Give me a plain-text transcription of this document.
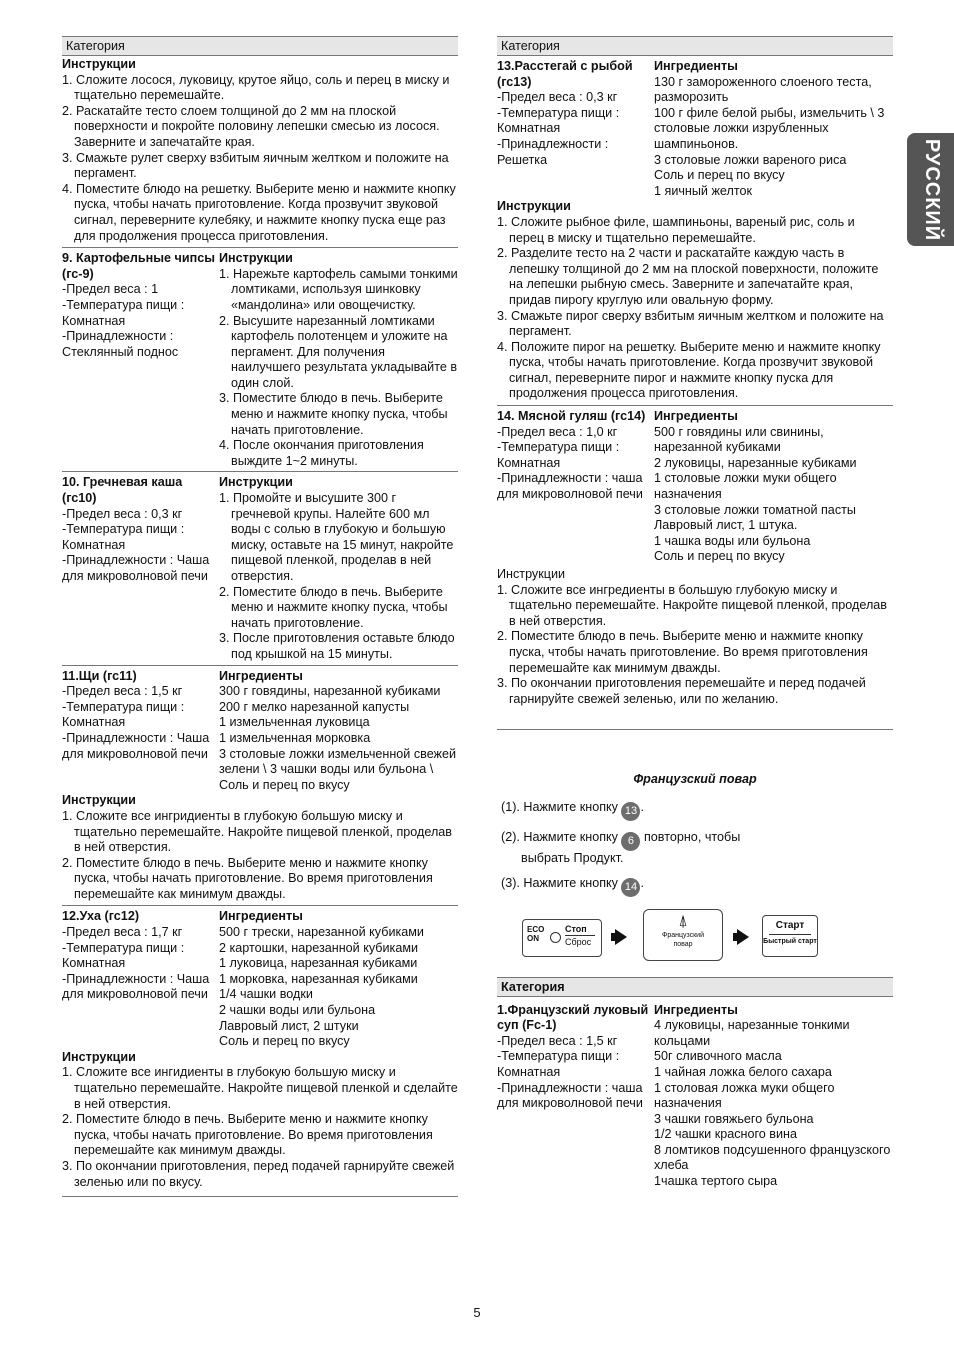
РУССКИЙ
Категория
Инструкции
1. Сложите лосося, луковицу, крутое яйцо, соль и перец в миску и тщательно перемешайте.
2. Раскатайте тесто слоем толщиной до 2 мм на плоской поверхности и покройте половину лепешки смесью из лосося. Заверните и запечатайте края.
3. Смажьте рулет сверху взбитым яичным желтком и положите на пергамент.
4. Поместите блюдо на решетку. Выберите меню и нажмите кнопку пуска, чтобы начать приготовление. Когда прозвучит звуковой сигнал, переверните кулебяку, и нажмите кнопку пуска еще раз для продолжения процесса приготовления.
9. Картофельные чипсы (гс-9)
-Предел веса : 1
-Температура пищи : Комнатная
-Принадлежности : Стеклянный поднос
Инструкции
1. Нарежьте картофель самыми тонкими ломтиками, используя шинковку «мандолина» или овощечистку.
2. Высушите нарезанный ломтиками картофель полотенцем и уложите на пергамент. Для получения наилучшего результата укладывайте в один слой.
3. Поместите блюдо в печь. Выберите меню и нажмите кнопку пуска, чтобы начать приготовление.
4. После окончания приготовления выждите 1~2 минуты.
10. Гречневая каша (гс10)
-Предел веса : 0,3 кг
-Температура пищи : Комнатная
-Принадлежности : Чаша для микроволновой печи
Инструкции
1. Промойте и высушите 300 г гречневой крупы. Налейте 600 мл воды с солью в глубокую и большую миску, оставьте на 15 минут, накройте пищевой пленкой, проделав в ней отверстия.
2. Поместите блюдо в печь. Выберите меню и нажмите кнопку пуска, чтобы начать приготовление.
3. После приготовления оставьте блюдо под крышкой на 15 минуты.
11.Щи (гс11)
-Предел веса : 1,5 кг
-Температура пищи : Комнатная
-Принадлежности : Чаша для микроволновой печи
Ингредиенты
300 г говядины, нарезанной кубиками
200 г мелко нарезанной капусты
1 измельченная луковица
1 измельченная морковка
3 столовые ложки измельченной свежей зелени \ 3 чашки воды или бульона \ Соль и перец по вкусу
Инструкции
1. Сложите все ингридиенты в глубокую большую миску и тщательно перемешайте. Накройте пищевой пленкой, проделав в ней отверстия.
2. Поместите блюдо в печь. Выберите меню и нажмите кнопку пуска, чтобы начать приготовление. Во время приготовления перемешайте как минимум дважды.
12.Уха (гс12)
-Предел веса : 1,7 кг
-Температура пищи : Комнатная
-Принадлежности : Чаша для микроволновой печи
Ингредиенты
500 г трески, нарезанной кубиками
2 картошки, нарезанной кубиками
1 луковица, нарезанная кубиками
1 морковка, нарезанная кубиками
1/4 чашки водки
2 чашки воды или бульона
Лавровый лист, 2 штуки
Соль и перец по вкусу
Инструкции
1. Сложите все ингидиенты в глубокую большую миску и тщательно перемешайте. Накройте пищевой пленкой и сделайте в ней отверстия.
2. Поместите блюдо в печь. Выберите меню и нажмите кнопку пуска, чтобы начать приготовление. Во время приготовления перемешайте как минимум дважды.
3. По окончании приготовления, перед подачей гарнируйте свежей зеленью или по вкусу.
Категория
13.Расстегай с рыбой (гс13)
-Предел веса : 0,3 кг
-Температура пищи : Комнатная
-Принадлежности : Решетка
Ингредиенты
130 г замороженного слоеного теста, разморозить
100 г филе белой рыбы, измельчить \ 3 столовые ложки изрубленных шампиньонов.
3 столовые ложки вареного риса
Соль и перец по вкусу
1 яичный желток
Инструкции
1. Сложите рыбное филе, шампиньоны, вареный рис, соль и перец в миску и тщательно перемешайте.
2. Разделите тесто на 2 части и раскатайте каждую часть в лепешку толщиной до 2 мм на плоской поверхности, положите на лепешки рыбную смесь. Заверните и запечатайте края, придав пирогу круглую или овальную форму.
3. Смажьте пирог сверху взбитым яичным желтком и положите на пергамент.
4. Положите пирог на решетку. Выберите меню и нажмите кнопку пуска, чтобы начать приготовление. Когда прозвучит звуковой сигнал, переверните пирог и нажмите кнопку пуска для продолжения процесса приготовления.
14. Мясной гуляш (гс14)
-Предел веса : 1,0 кг
-Температура пищи : Комнатная
-Принадлежности : чаша для микроволновой печи
Ингредиенты
500 г говядины или свинины, нарезанной кубиками
2 луковицы, нарезанные кубиками
1 столовые ложки муки общего назначения
3 столовые ложки томатной пасты
Лавровый лист, 1 штука.
1 чашка воды или бульона
Соль и перец по вкусу
Инструкции
1. Сложите все ингредиенты в большую глубокую миску и тщательно перемешайте. Накройте пищевой пленкой, проделав в ней отверстия.
2. Поместите блюдо в печь. Выберите меню и нажмите кнопку пуска, чтобы начать приготовление. Во время приготовления перемешайте как минимум дважды.
3. По окончании приготовления перемешайте и перед подачей гарнируйте свежей зеленью, или по желанию.
Французский повар
(1). Нажмите кнопку 13 .
(2). Нажмите кнопку 6 повторно, чтобы
выбрать Продукт.
(3). Нажмите кнопку 14 .
ECO
ON
Стоп
Сброс
⍋
Французский
повар
Старт
Быстрый старт
Категория
1.Французский луковый суп (Fc-1)
-Предел веса : 1,5 кг
-Температура пищи : Комнатная
-Принадлежности : чаша для микроволновой печи
Ингредиенты
4 луковицы, нарезанные тонкими кольцами
50г сливочного масла
1 чайная ложка белого сахара
1 столовая ложка муки общего назначения
3 чашки говяжьего бульона
1/2 чашки красного вина
8 ломтиков подсушенного французского хлеба
1чашка тертого сыра
5
